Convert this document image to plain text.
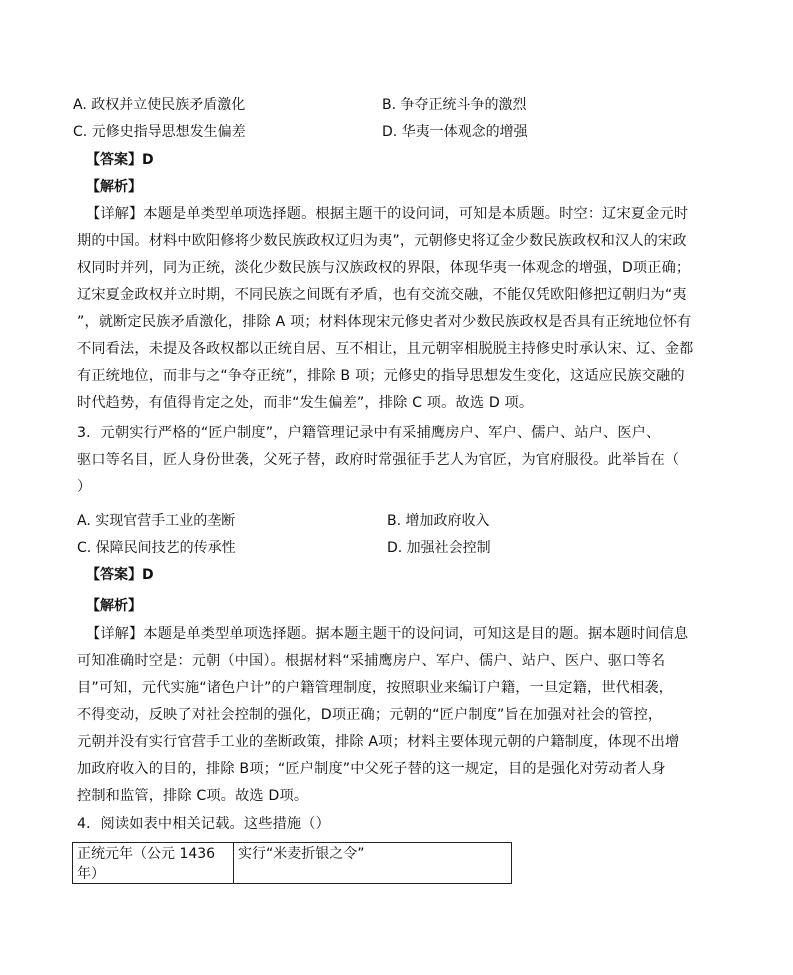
A. 政权并立使民族矛盾激化	B. 争夺正统斗争的激烈
C. 元修史指导思想发生偏差	D. 华夷一体观念的增强
【答案】D
【解析】
【详解】本题是单类型单项选择题。根据主题干的设问词，可知是本质题。时空：辽宋夏金元时
期的中国。材料中欧阳修将少数民族政权辽归为夷”，元朝修史将辽金少数民族政权和汉人的宋政
权同时并列，同为正统，淡化少数民族与汉族政权的界限，体现华夷一体观念的增强，D项正确；
辽宋夏金政权并立时期，不同民族之间既有矛盾，也有交流交融，不能仅凭欧阳修把辽朝归为“夷
”，就断定民族矛盾激化，排除 A 项；材料体现宋元修史者对少数民族政权是否具有正统地位怀有
不同看法，未提及各政权都以正统自居、互不相让，且元朝宰相脱脱主持修史时承认宋、辽、金都
有正统地位，而非与之“争夺正统”，排除 B 项；元修史的指导思想发生变化，这适应民族交融的
时代趋势，有值得肯定之处，而非“发生偏差”，排除 C 项。故选 D 项。
3．元朝实行严格的“匠户制度”，户籍管理记录中有采捕鹰房户、军户、儒户、站户、医户、
驱口等名目，匠人身份世袭，父死子替，政府时常强征手艺人为官匠，为官府服役。此举旨在（
）
A. 实现官营手工业的垄断	B. 增加政府收入
C. 保障民间技艺的传承性	D. 加强社会控制
【答案】D
【解析】
【详解】本题是单类型单项选择题。据本题主题干的设问词，可知这是目的题。据本题时间信息
可知准确时空是：元朝（中国）。根据材料“采捕鹰房户、军户、儒户、站户、医户、驱口等名
目”可知，元代实施“诸色户计”的户籍管理制度，按照职业来编订户籍，一旦定籍，世代相袭，
不得变动，反映了对社会控制的强化，D项正确；元朝的“匠户制度”旨在加强对社会的管控，
元朝并没有实行官营手工业的垄断政策，排除 A项；材料主要体现元朝的户籍制度，体现不出增
加政府收入的目的，排除 B项；“匠户制度”中父死子替的这一规定，目的是强化对劳动者人身
控制和监管，排除 C项。故选 D项。
4．阅读如表中相关记载。这些措施（）
正统元年（公元 1436 年）	实行“米麦折银之令”
